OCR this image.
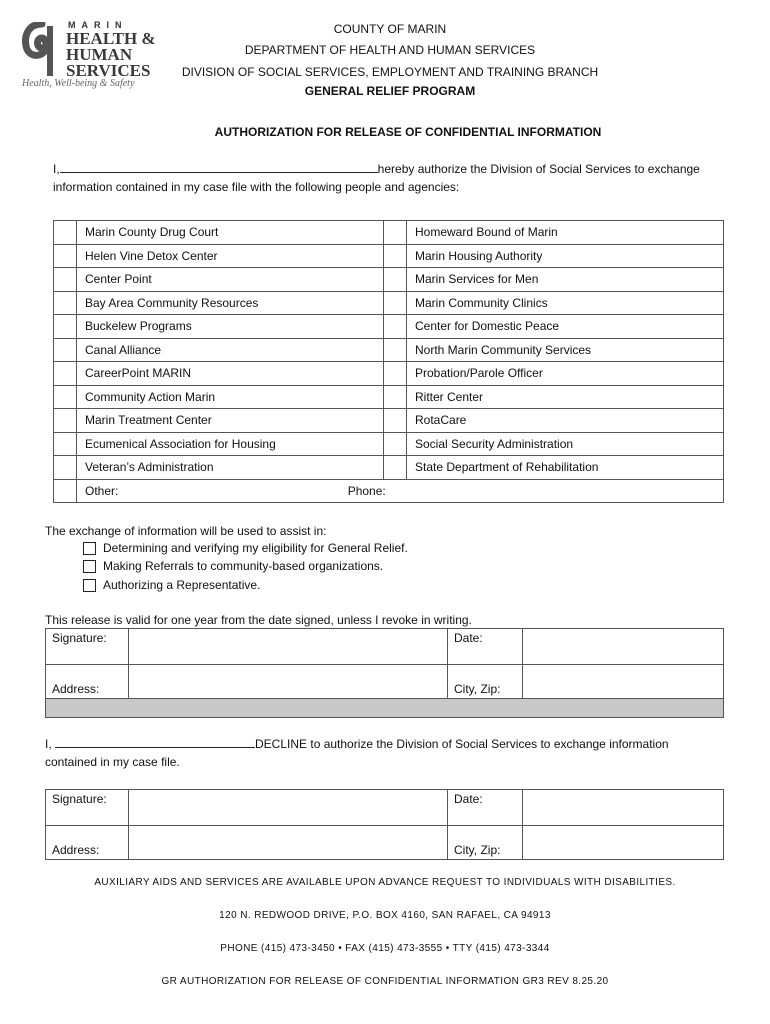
MARIN
HEALTH &
HUMAN
SERVICES
Health, Well-being & Safety
COUNTY OF MARIN
DEPARTMENT OF HEALTH AND HUMAN SERVICES
DIVISION OF SOCIAL SERVICES, EMPLOYMENT AND TRAINING BRANCH
GENERAL RELIEF PROGRAM
AUTHORIZATION FOR RELEASE OF CONFIDENTIAL INFORMATION
I,	hereby authorize the Division of Social Services to exchange
information contained in my case file with the following people and agencies:
	Marin County Drug Court		Homeward Bound of Marin
	Helen Vine Detox Center		Marin Housing Authority
	Center Point		Marin Services for Men
	Bay Area Community Resources		Marin Community Clinics
	Buckelew Programs		Center for Domestic Peace
	Canal Alliance		North Marin Community Services
	CareerPoint MARIN		Probation/Parole Officer
	Community Action Marin		Ritter Center
	Marin Treatment Center		RotaCare
	Ecumenical Association for Housing		Social Security Administration
	Veteran’s Administration		State Department of Rehabilitation
	Other: Phone:		
The exchange of information will be used to assist in:
Determining and verifying my eligibility for General Relief.
Making Referrals to community-based organizations.
Authorizing a Representative.
This release is valid for one year from the date signed, unless I revoke in writing.
Signature:		Date:	
Address:		City, Zip:	

I,	DECLINE to authorize the Division of Social Services to exchange information
contained in my case file.
Signature:		Date:	
Address:		City, Zip:	
AUXILIARY AIDS AND SERVICES ARE AVAILABLE UPON ADVANCE REQUEST TO INDIVIDUALS WITH DISABILITIES.
120 N. REDWOOD DRIVE, P.O. BOX 4160, SAN RAFAEL, CA 94913
PHONE (415) 473-3450 • FAX (415) 473-3555 • TTY (415) 473-3344
GR AUTHORIZATION FOR RELEASE OF CONFIDENTIAL INFORMATION GR3 REV 8.25.20
